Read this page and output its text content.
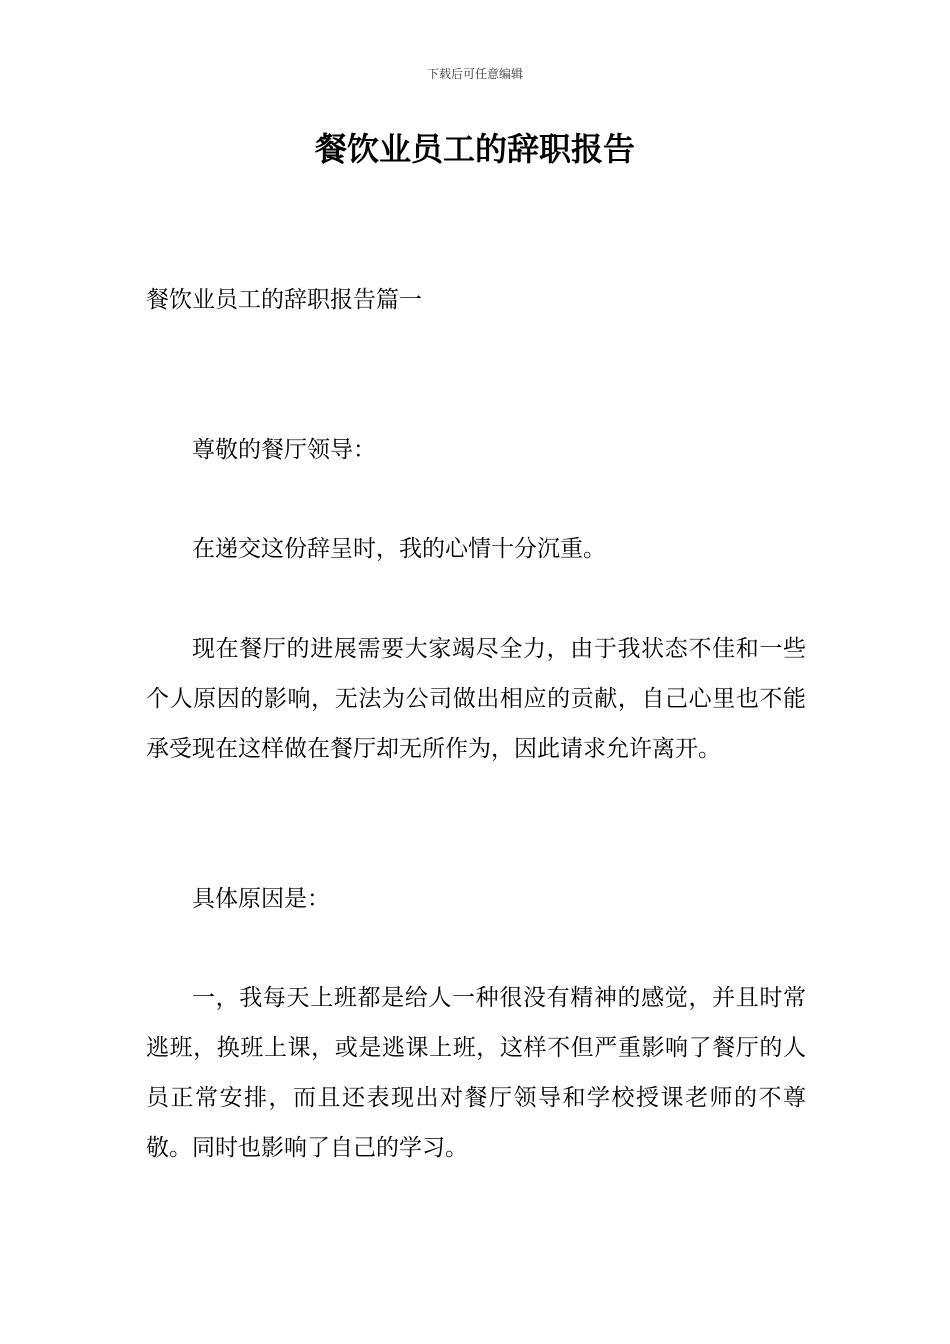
下载后可任意编辑
餐饮业员工的辞职报告
餐饮业员工的辞职报告篇一

尊敬的餐厅领导：

在递交这份辞呈时，我的心情十分沉重。

现在餐厅的进展需要大家竭尽全力，由于我状态不佳和一些个人原因的影响，无法为公司做出相应的贡献，自己心里也不能承受现在这样做在餐厅却无所作为，因此请求允许离开。

具体原因是：

一，我每天上班都是给人一种很没有精神的感觉，并且时常逃班，换班上课，或是逃课上班，这样不但严重影响了餐厅的人员正常安排，而且还表现出对餐厅领导和学校授课老师的不尊敬。同时也影响了自己的学习。
